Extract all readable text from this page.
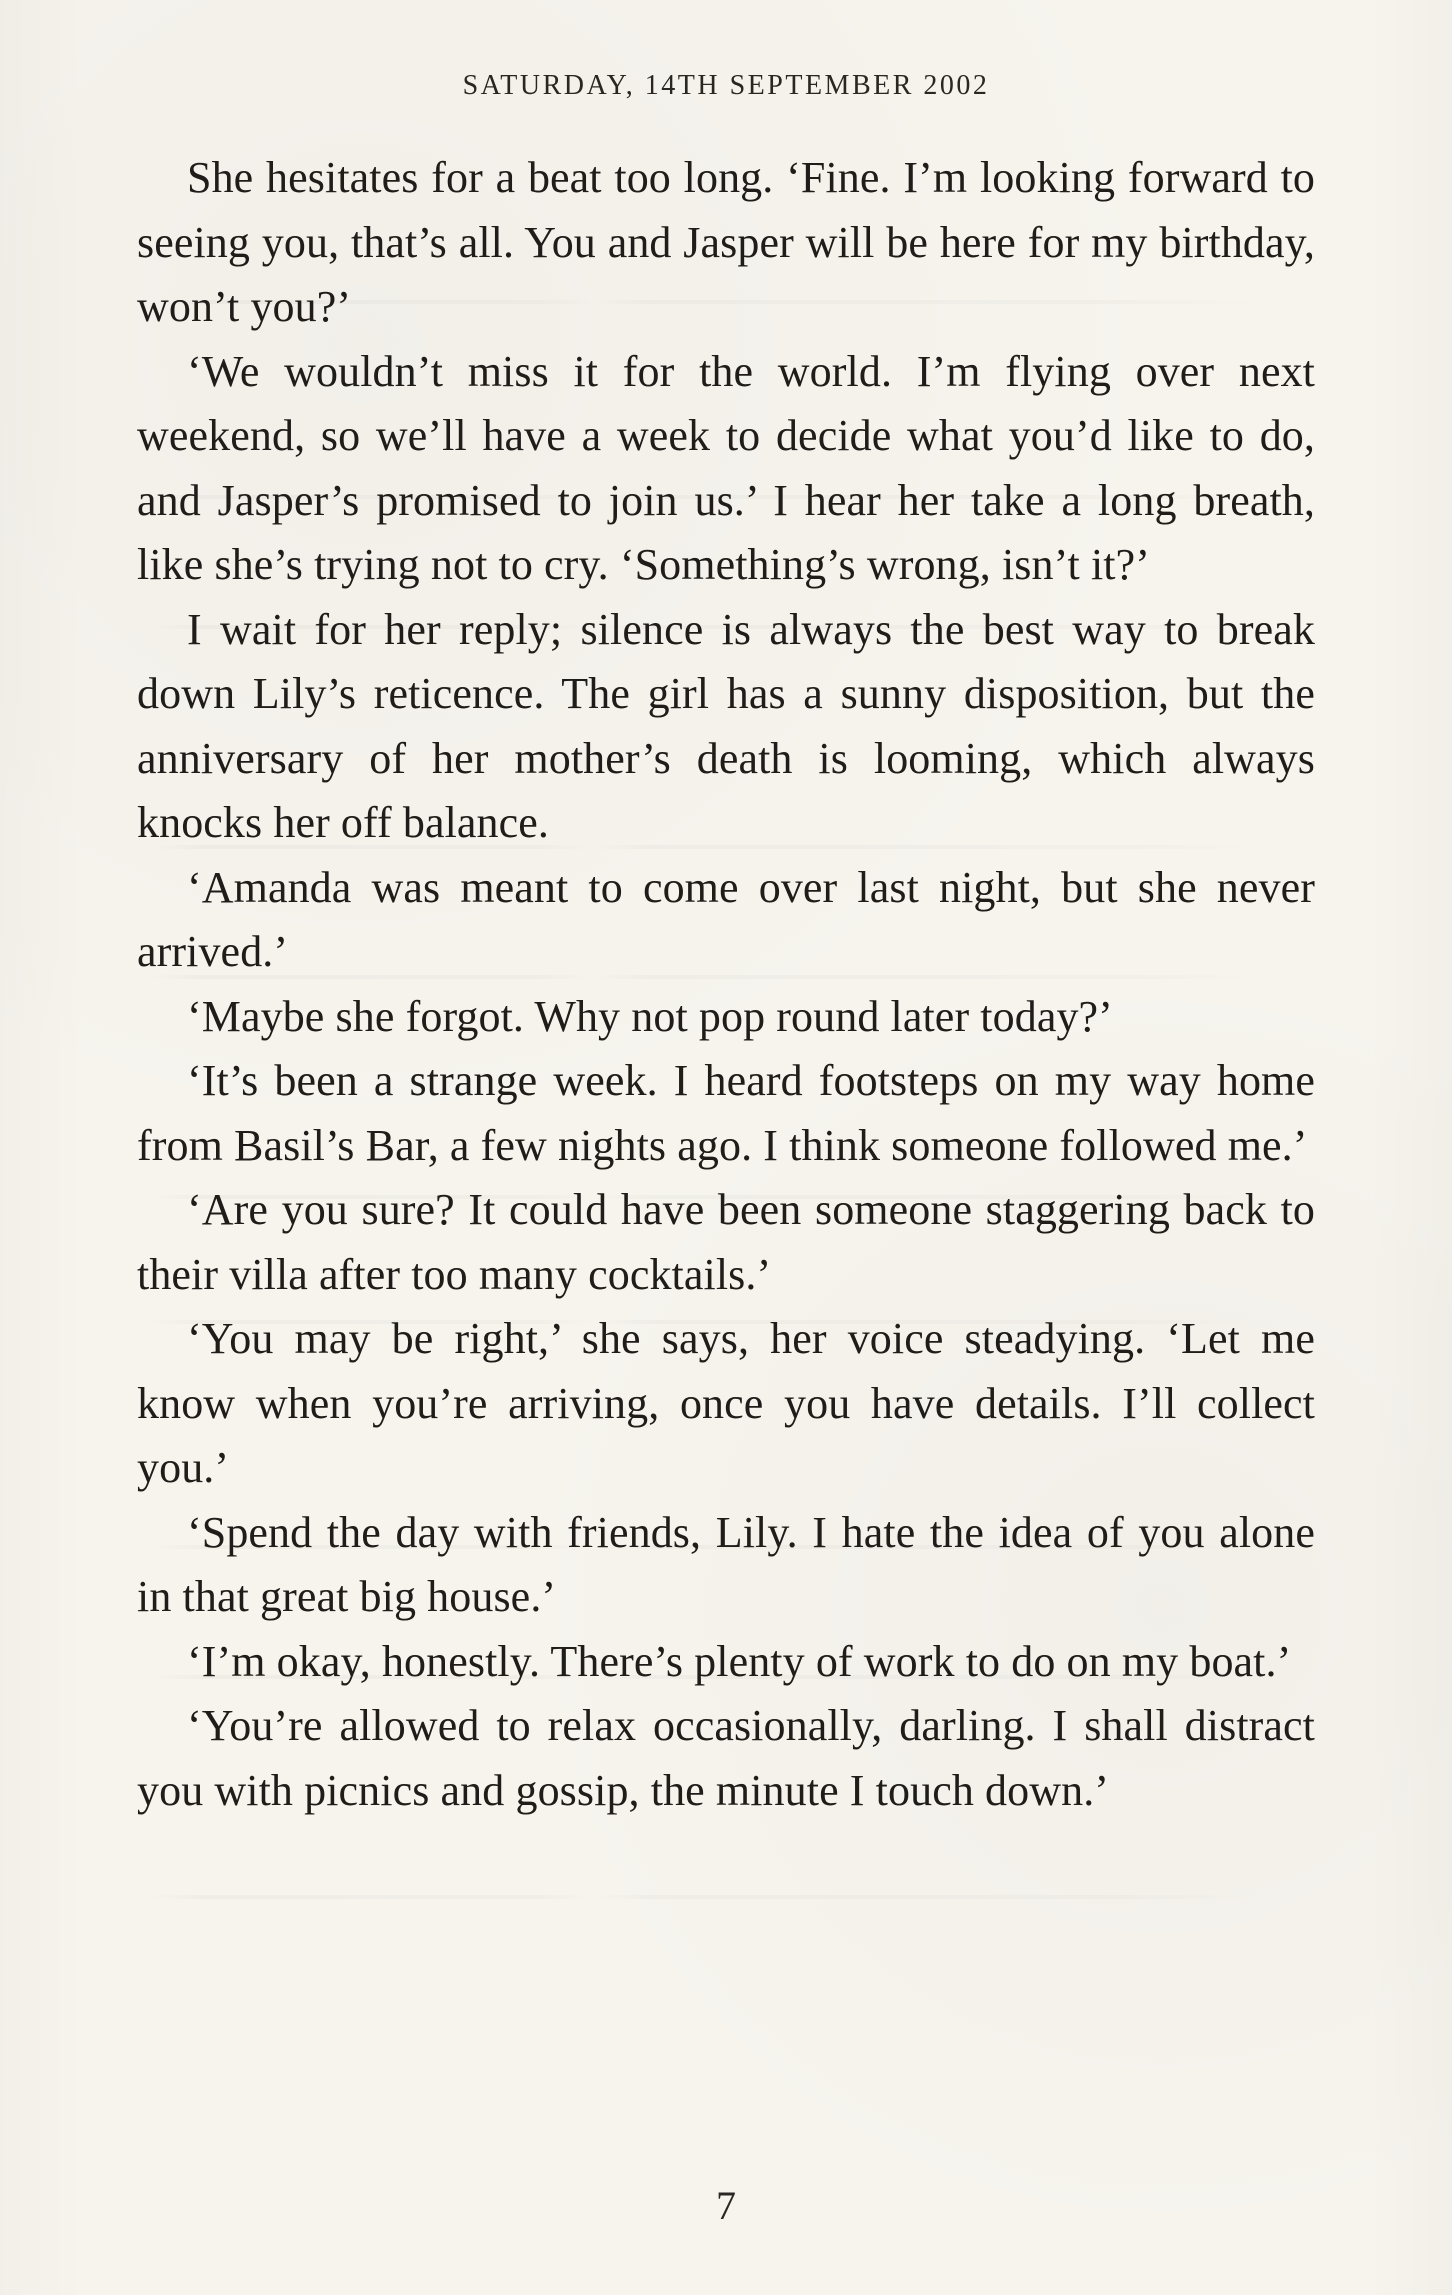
SATURDAY, 14TH SEPTEMBER 2002

She hesitates for a beat too long. ‘Fine. I’m looking forward to seeing you, that’s all. You and Jasper will be here for my birthday, won’t you?’

‘We wouldn’t miss it for the world. I’m flying over next weekend, so we’ll have a week to decide what you’d like to do, and Jasper’s promised to join us.’ I hear her take a long breath, like she’s trying not to cry. ‘Something’s wrong, isn’t it?’

I wait for her reply; silence is always the best way to break down Lily’s reticence. The girl has a sunny disposition, but the anniversary of her mother’s death is looming, which always knocks her off balance.

‘Amanda was meant to come over last night, but she never arrived.’

‘Maybe she forgot. Why not pop round later today?’

‘It’s been a strange week. I heard footsteps on my way home from Basil’s Bar, a few nights ago. I think someone followed me.’

‘Are you sure? It could have been someone staggering back to their villa after too many cocktails.’

‘You may be right,’ she says, her voice steadying. ‘Let me know when you’re arriving, once you have details. I’ll collect you.’

‘Spend the day with friends, Lily. I hate the idea of you alone in that great big house.’

‘I’m okay, honestly. There’s plenty of work to do on my boat.’

‘You’re allowed to relax occasionally, darling. I shall distract you with picnics and gossip, the minute I touch down.’

7
